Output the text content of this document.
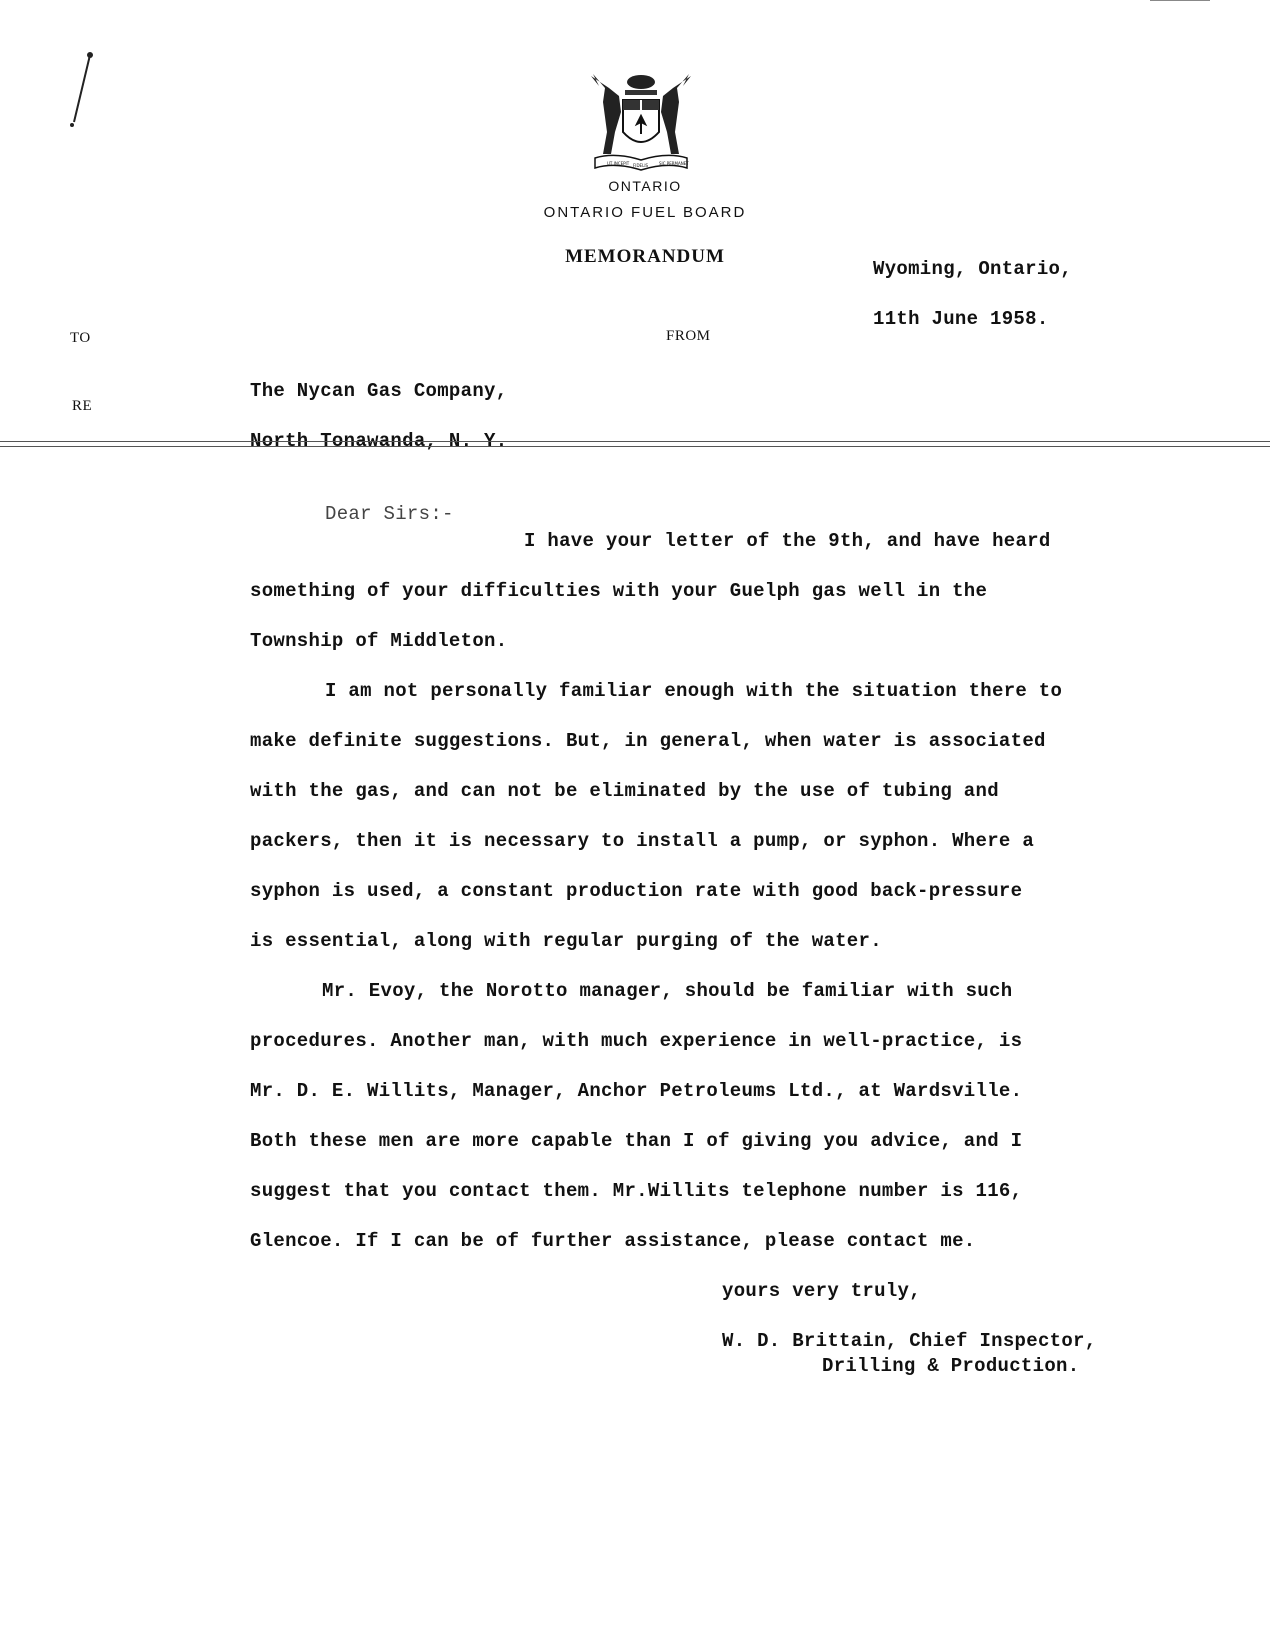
UT INCEPIT FIDELIS	SIC PERMANET
ONTARIO
ONTARIO FUEL BOARD
MEMORANDUM
Wyoming, Ontario,
11th June 1958.
TO	FROM
RE
The Nycan Gas Company,
North Tonawanda, N. Y.
Dear Sirs:-
I have your letter of the 9th, and have heard
something of your difficulties with your Guelph gas well in the
Township of Middleton.
I am not personally familiar enough with the situation there to
make definite suggestions. But, in general, when water is associated
with the gas, and can not be eliminated by the use of tubing and
packers, then it is necessary to install a pump, or syphon. Where a
syphon is used, a constant production rate with good back-pressure
is essential, along with regular purging of the water.
Mr. Evoy, the Norotto manager, should be familiar with such
procedures. Another man, with much experience in well-practice, is
Mr. D. E. Willits, Manager, Anchor Petroleums Ltd., at Wardsville.
Both these men are more capable than I of giving you advice, and I
suggest that you contact them. Mr.Willits telephone number is 116,
Glencoe. If I can be of further assistance, please contact me.
yours very truly,
W. D. Brittain, Chief Inspector,
Drilling & Production.
